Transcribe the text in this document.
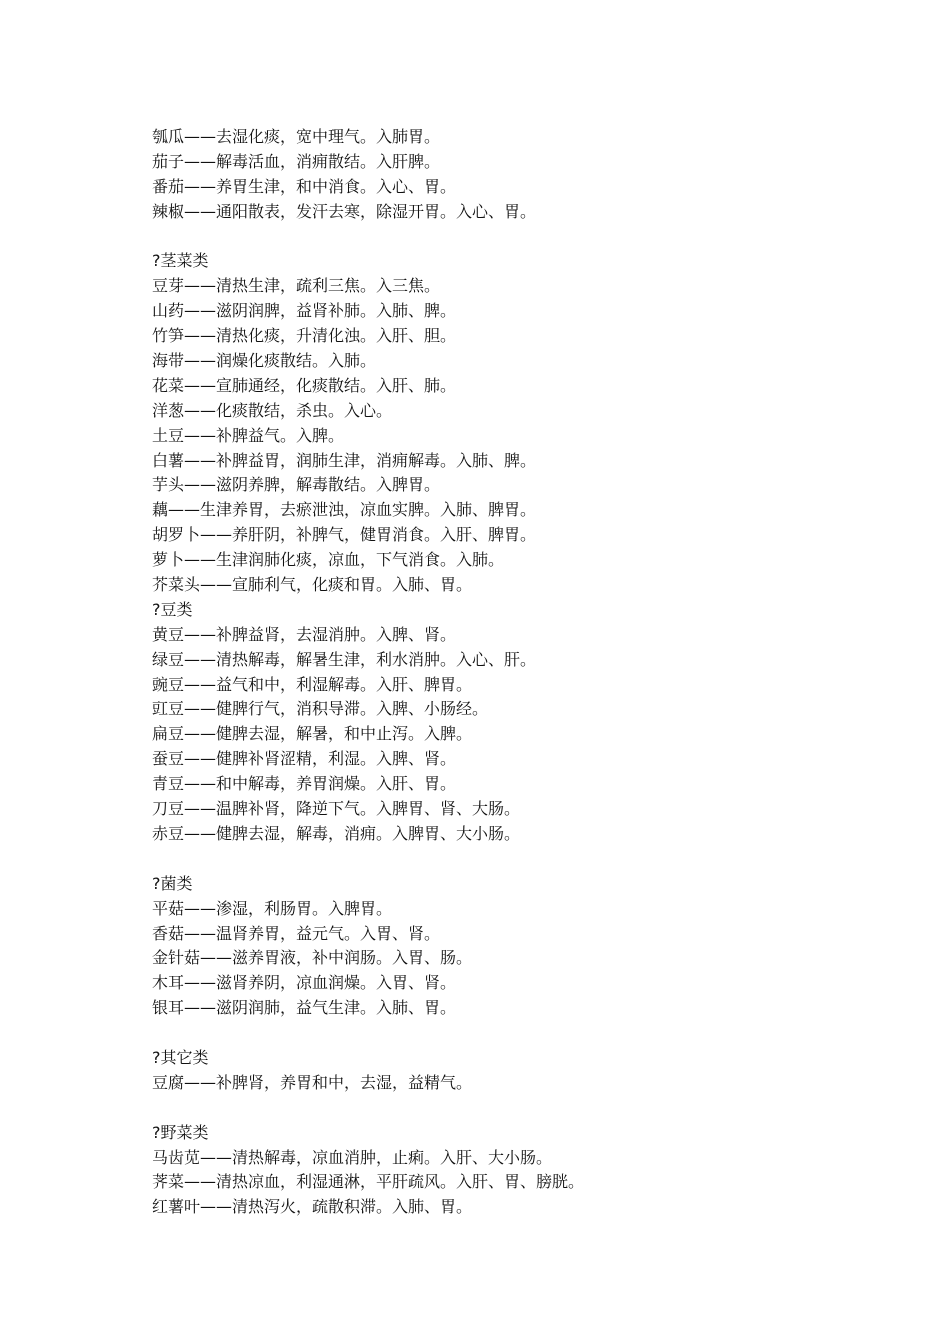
瓠瓜——去湿化痰，宽中理气。入肺胃。
茄子——解毒活血，消痈散结。入肝脾。
番茄——养胃生津，和中消食。入心、胃。
辣椒——通阳散表，发汗去寒，除湿开胃。入心、胃。
?茎菜类
豆芽——清热生津，疏利三焦。入三焦。
山药——滋阴润脾，益肾补肺。入肺、脾。
竹笋——清热化痰，升清化浊。入肝、胆。
海带——润燥化痰散结。入肺。
花菜——宣肺通经，化痰散结。入肝、肺。
洋葱——化痰散结，杀虫。入心。
土豆——补脾益气。入脾。
白薯——补脾益胃，润肺生津，消痈解毒。入肺、脾。
芋头——滋阴养脾，解毒散结。入脾胃。
藕——生津养胃，去瘀泄浊，凉血实脾。入肺、脾胃。
胡罗卜——养肝阴，补脾气，健胃消食。入肝、脾胃。
萝卜——生津润肺化痰，凉血，下气消食。入肺。
芥菜头——宣肺利气，化痰和胃。入肺、胃。
?豆类
黄豆——补脾益肾，去湿消肿。入脾、肾。
绿豆——清热解毒，解暑生津，利水消肿。入心、肝。
豌豆——益气和中，利湿解毒。入肝、脾胃。
豇豆——健脾行气，消积导滞。入脾、小肠经。
扁豆——健脾去湿，解暑，和中止泻。入脾。
蚕豆——健脾补肾涩精，利湿。入脾、肾。
青豆——和中解毒，养胃润燥。入肝、胃。
刀豆——温脾补肾，降逆下气。入脾胃、肾、大肠。
赤豆——健脾去湿，解毒，消痈。入脾胃、大小肠。
?菌类
平菇——渗湿，利肠胃。入脾胃。
香菇——温肾养胃，益元气。入胃、肾。
金针菇——滋养胃液，补中润肠。入胃、肠。
木耳——滋肾养阴，凉血润燥。入胃、肾。
银耳——滋阴润肺，益气生津。入肺、胃。
?其它类
豆腐——补脾肾，养胃和中，去湿，益精气。
?野菜类
马齿苋——清热解毒，凉血消肿，止痢。入肝、大小肠。
荠菜——清热凉血，利湿通淋，平肝疏风。入肝、胃、膀胱。
红薯叶——清热泻火，疏散积滞。入肺、胃。
